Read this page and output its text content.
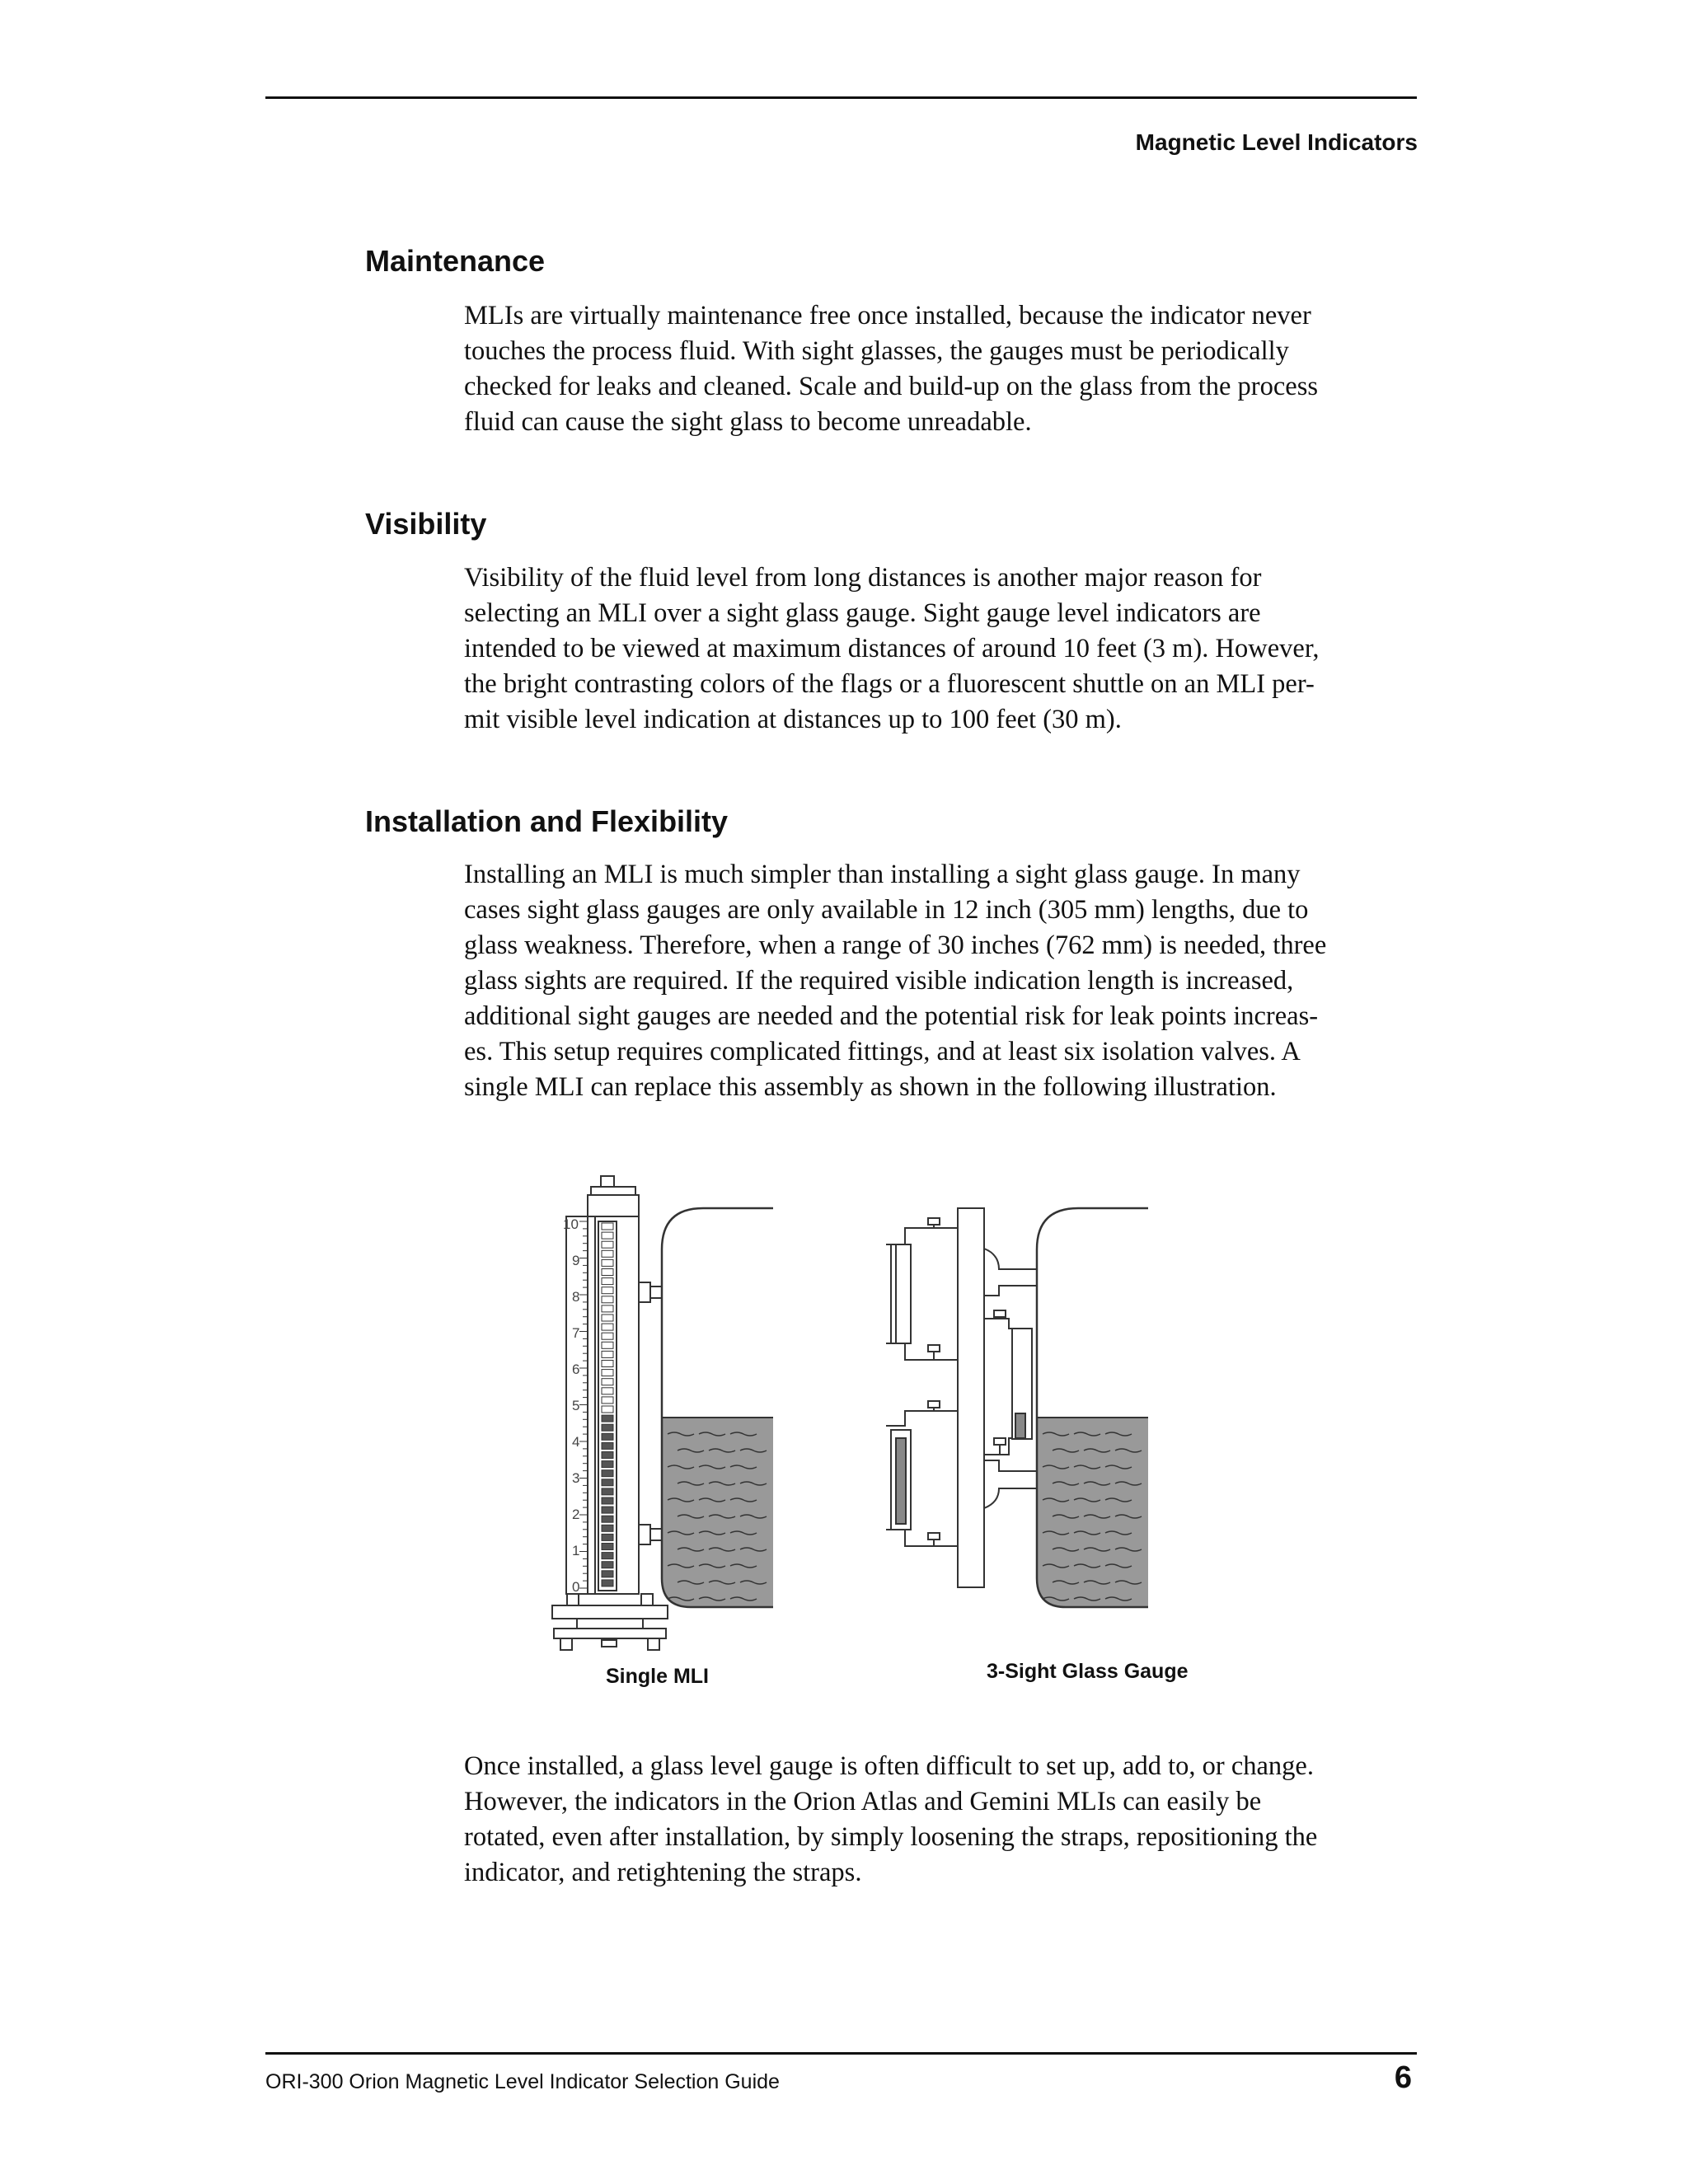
Magnetic Level Indicators
Maintenance
MLIs are virtually maintenance free once installed, because the indicator never
touches the process fluid. With sight glasses, the gauges must be periodically
checked for leaks and cleaned. Scale and build-up on the glass from the process
fluid can cause the sight glass to become unreadable.
Visibility
Visibility of the fluid level from long distances is another major reason for
selecting an MLI over a sight glass gauge. Sight gauge level indicators are
intended to be viewed at maximum distances of around 10 feet (3 m). However,
the bright contrasting colors of the flags or a fluorescent shuttle on an MLI per-
mit visible level indication at distances up to 100 feet (30 m).
Installation and Flexibility
Installing an MLI is much simpler than installing a sight glass gauge. In many
cases sight glass gauges are only available in 12 inch (305 mm) lengths, due to
glass weakness. Therefore, when a range of 30 inches (762 mm) is needed, three
glass sights are required. If the required visible indication length is increased,
additional sight gauges are needed and the potential risk for leak points increas-
es. This setup requires complicated fittings, and at least six isolation valves. A
single MLI can replace this assembly as shown in the following illustration.
10
9
8
7
6
5
4
3
2
1
0
Single MLI	3-Sight Glass Gauge
Once installed, a glass level gauge is often difficult to set up, add to, or change.
However, the indicators in the Orion Atlas and Gemini MLIs can easily be
rotated, even after installation, by simply loosening the straps, repositioning the
indicator, and retightening the straps.
ORI-300 Orion Magnetic Level Indicator Selection Guide	6
